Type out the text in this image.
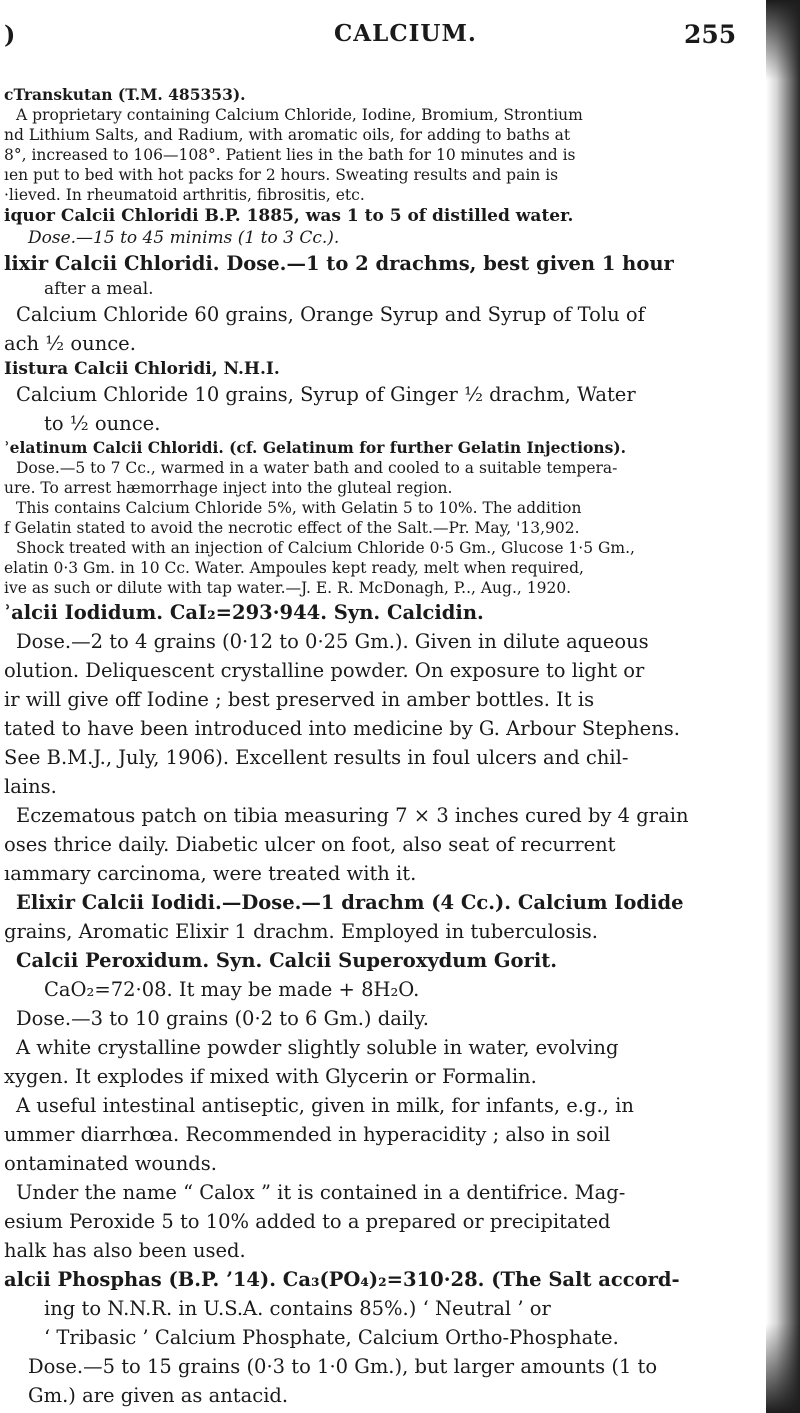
)	CALCIUM.	255
cTranskutan (T.M. 485353).
A proprietary containing Calcium Chloride, Iodine, Bromium, Strontium
nd Lithium Salts, and Radium, with aromatic oils, for adding to baths at
8°, increased to 106—108°. Patient lies in the bath for 10 minutes and is
ıen put to bed with hot packs for 2 hours. Sweating results and pain is
·lieved. In rheumatoid arthritis, fibrositis, etc.
iquor Calcii Chloridi B.P. 1885, was 1 to 5 of distilled water.
Dose.—15 to 45 minims (1 to 3 Cc.).
lixir Calcii Chloridi. Dose.—1 to 2 drachms, best given 1 hour
after a meal.
Calcium Chloride 60 grains, Orange Syrup and Syrup of Tolu of
ach ½ ounce.
Iistura Calcii Chloridi, N.H.I.
Calcium Chloride 10 grains, Syrup of Ginger ½ drachm, Water
to ½ ounce.
ʾelatinum Calcii Chloridi. (cf. Gelatinum for further Gelatin Injections).
Dose.—5 to 7 Cc., warmed in a water bath and cooled to a suitable tempera-
ure. To arrest hæmorrhage inject into the gluteal region.
This contains Calcium Chloride 5%, with Gelatin 5 to 10%. The addition
f Gelatin stated to avoid the necrotic effect of the Salt.—Pr. May, '13,902.
Shock treated with an injection of Calcium Chloride 0·5 Gm., Glucose 1·5 Gm.,
elatin 0·3 Gm. in 10 Cc. Water. Ampoules kept ready, melt when required,
ive as such or dilute with tap water.—J. E. R. McDonagh, P.., Aug., 1920.
ʾalcii Iodidum. CaI₂=293·944. Syn. Calcidin.
Dose.—2 to 4 grains (0·12 to 0·25 Gm.). Given in dilute aqueous
olution. Deliquescent crystalline powder. On exposure to light or
ir will give off Iodine ; best preserved in amber bottles. It is
tated to have been introduced into medicine by G. Arbour Stephens.
See B.M.J., July, 1906). Excellent results in foul ulcers and chil-
lains.
Eczematous patch on tibia measuring 7 × 3 inches cured by 4 grain
oses thrice daily. Diabetic ulcer on foot, also seat of recurrent
ıammary carcinoma, were treated with it.
Elixir Calcii Iodidi.—Dose.—1 drachm (4 Cc.). Calcium Iodide
grains, Aromatic Elixir 1 drachm. Employed in tuberculosis.
Calcii Peroxidum. Syn. Calcii Superoxydum Gorit.
CaO₂=72·08. It may be made + 8H₂O.
Dose.—3 to 10 grains (0·2 to 6 Gm.) daily.
A white crystalline powder slightly soluble in water, evolving
xygen. It explodes if mixed with Glycerin or Formalin.
A useful intestinal antiseptic, given in milk, for infants, e.g., in
ummer diarrhœa. Recommended in hyperacidity ; also in soil
ontaminated wounds.
Under the name “ Calox ” it is contained in a dentifrice. Mag-
esium Peroxide 5 to 10% added to a prepared or precipitated
halk has also been used.
alcii Phosphas (B.P. ’14). Ca₃(PO₄)₂=310·28. (The Salt accord-
ing to N.N.R. in U.S.A. contains 85%.) ‘ Neutral ’ or
‘ Tribasic ’ Calcium Phosphate, Calcium Ortho-Phosphate.
Dose.—5 to 15 grains (0·3 to 1·0 Gm.), but larger amounts (1 to
Gm.) are given as antacid.
